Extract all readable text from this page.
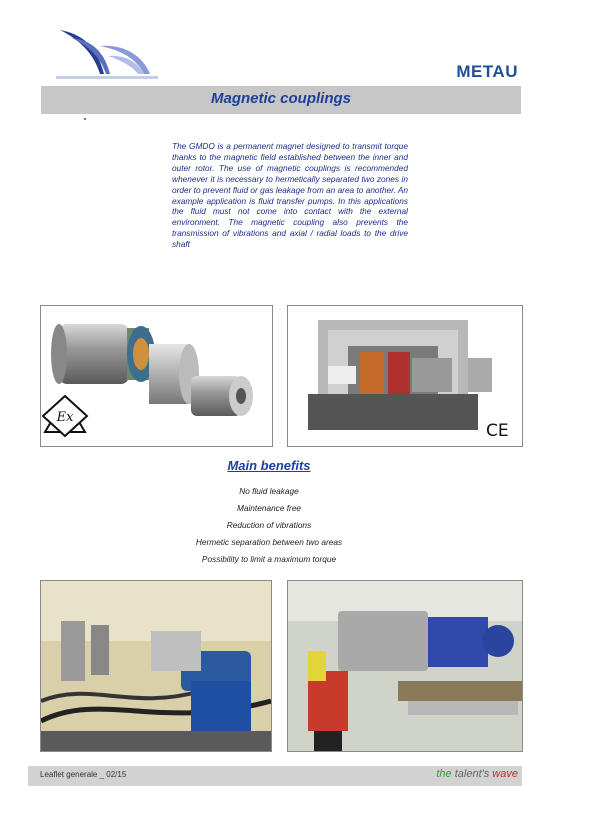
METAU
Magnetic couplings

The GMDO is a permanent magnet designed to transmit torque thanks to the magnetic field established between the inner and outer rotor. The use of magnetic couplings is recommended whenever it is necessary to hermetically separated two zones in order to prevent fluid or gas leakage from an area to another. An example application is fluid transfer pumps. In this applications the fluid must not come into contact with the external environment. The magnetic coupling also prevents the transmission of vibrations and axial / radial loads to the drive shaft

Ex
CE
Main benefits
No fluid leakage
Maintenance free
Reduction of vibrations
Hermetic separation between two areas
Possibility to limit a maximum torque
Leaflet generale _ 02/15	the talent's wave
